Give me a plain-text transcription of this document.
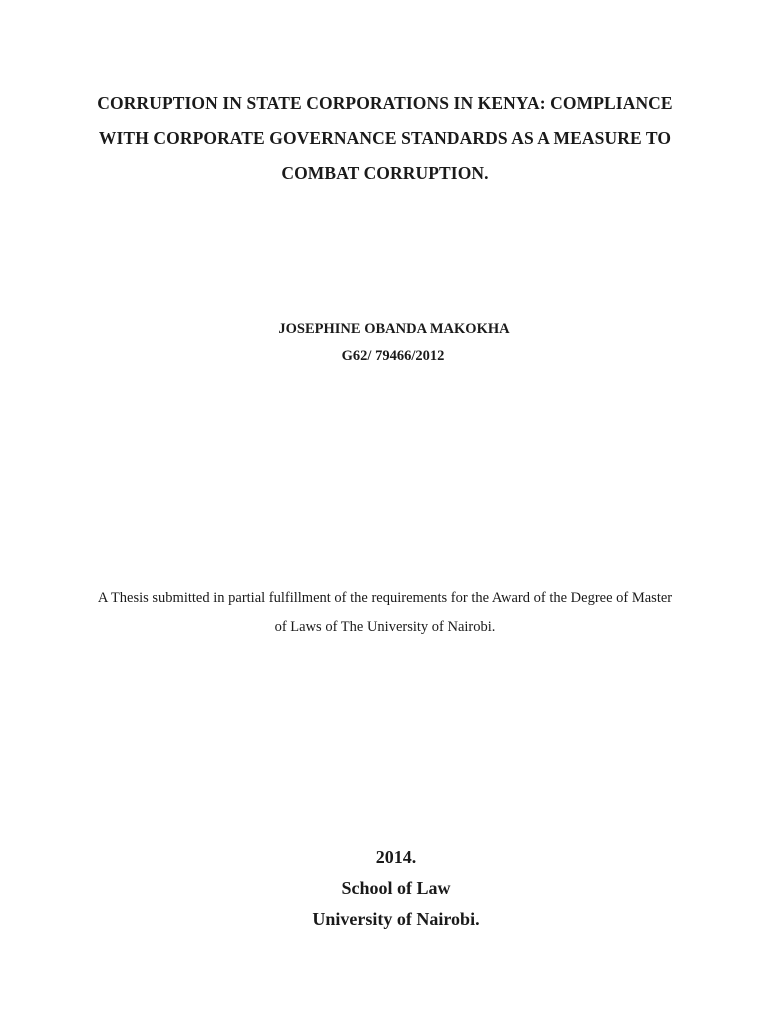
CORRUPTION IN STATE CORPORATIONS IN KENYA: COMPLIANCE
WITH CORPORATE GOVERNANCE STANDARDS AS A MEASURE TO
COMBAT CORRUPTION.
JOSEPHINE OBANDA MAKOKHA
G62/ 79466/2012
A Thesis submitted in partial fulfillment of the requirements for the Award of the Degree of Master
of Laws of The University of Nairobi.
2014.
School of Law
University of Nairobi.
